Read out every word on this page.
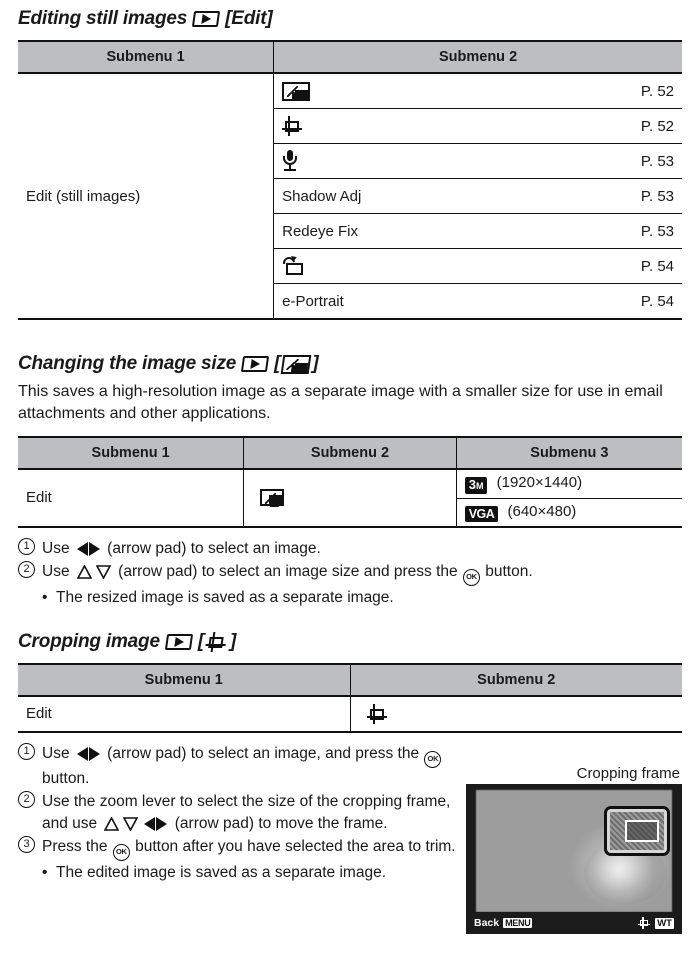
Editing still images [Edit]
Submenu 1	Submenu 2
Edit (still images)	P. 52

	P. 52

	P. 53

Shadow Adj P. 53

Redeye Fix P. 53

	P. 54

e-Portrait P. 54
Changing the image size [ ]

This saves a high-resolution image as a separate image with a smaller size for use in email attachments and other applications.

Submenu 1	Submenu 2	Submenu 3
Edit		3M (1920×1440)
		VGA (640×480)
1 Use
(arrow pad) to select an image.
2 Use	(arrow pad) to select an image size and press the OK button.
• The resized image is saved as a separate image.
Cropping image [ ]
Submenu 1	Submenu 2
Edit	
1 Use
(arrow pad) to select an image, and press the OK button.
2 Use the zoom lever to select the size of the cropping frame, and use	(arrow pad) to move the frame.
3 Press the OK button after you have selected the area to trim.
• The edited image is saved as a separate image.
Cropping frame
Back MENU	WT
